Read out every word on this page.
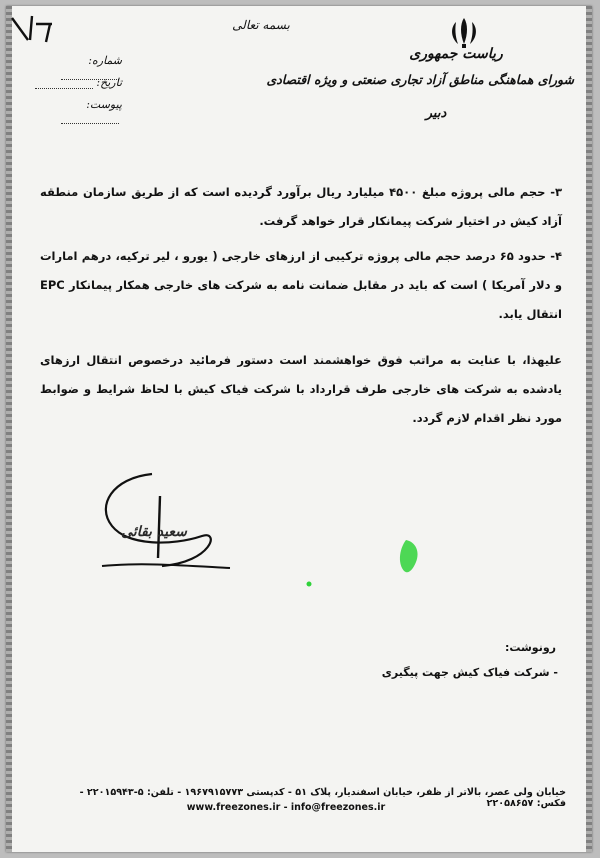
بسمه تعالی
ریاست جمهوری
شورای هماهنگی مناطق آزاد تجاری صنعتی و ویژه اقتصادی
دبیر
شماره:
تاریخ:
پیوست:
۳- حجم مالی پروژه مبلغ ۴۵۰۰ میلیارد ریال برآورد گردیده است که از طریق سازمان منطقه آزاد کیش در اختیار شرکت پیمانکار قرار خواهد گرفت.
۴- حدود ۶۵ درصد حجم مالی پروژه ترکیبی از ارزهای خارجی ( یورو ، لیر ترکیه، درهم امارات و دلار آمریکا ) است که باید در مقابل ضمانت نامه به شرکت های خارجی همکار پیمانکار EPC انتقال یابد.
علیهذا، با عنایت به مراتب فوق خواهشمند است دستور فرمائید درخصوص انتقال ارزهای یادشده به شرکت های خارجی طرف قرارداد با شرکت فیاک کیش با لحاظ شرایط و ضوابط مورد نظر اقدام لازم گردد.
سعید بقائی
رونوشت:
- شرکت فیاک کیش جهت پیگیری
خیابان ولی عصر، بالاتر از ظفر، خیابان اسفندیار، پلاک ۵۱ - کدپستی ۱۹۶۷۹۱۵۷۷۳ - تلفن: ۵-۲۲۰۱۵۹۴۳ - فکس: ۲۲۰۵۸۶۵۷
www.freezones.ir - info@freezones.ir
